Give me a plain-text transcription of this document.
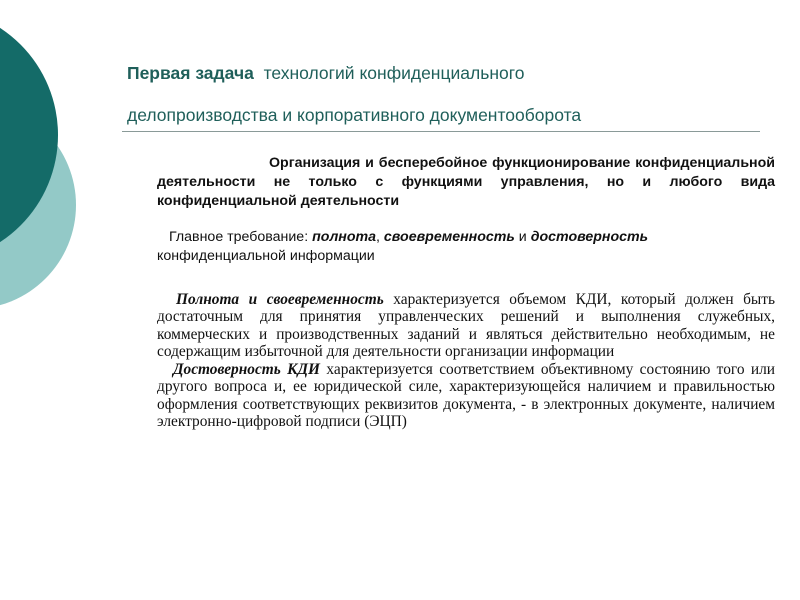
Первая задача технологий конфиденциального
делопроизводства и корпоративного документооборота
Организация и бесперебойное функционирование конфиденциальной деятельности не только с функциями управления, но и любого вида конфиденциальной деятельности
Главное требование: полнота, своевременность и достоверность конфиденциальной информации

Полнота и своевременность характеризуется объемом КДИ, который должен быть достаточным для принятия управленческих решений и выполнения служебных, коммерческих и производственных заданий и являться действительно необходимым, не содержащим избыточной для деятельности организации информации

Достоверность КДИ характеризуется соответствием объективному состоянию того или другого вопроса и, ее юридической силе, характеризующейся наличием и правильностью оформления соответствующих реквизитов документа, - в электронных документе, наличием электронно-цифровой подписи (ЭЦП)
